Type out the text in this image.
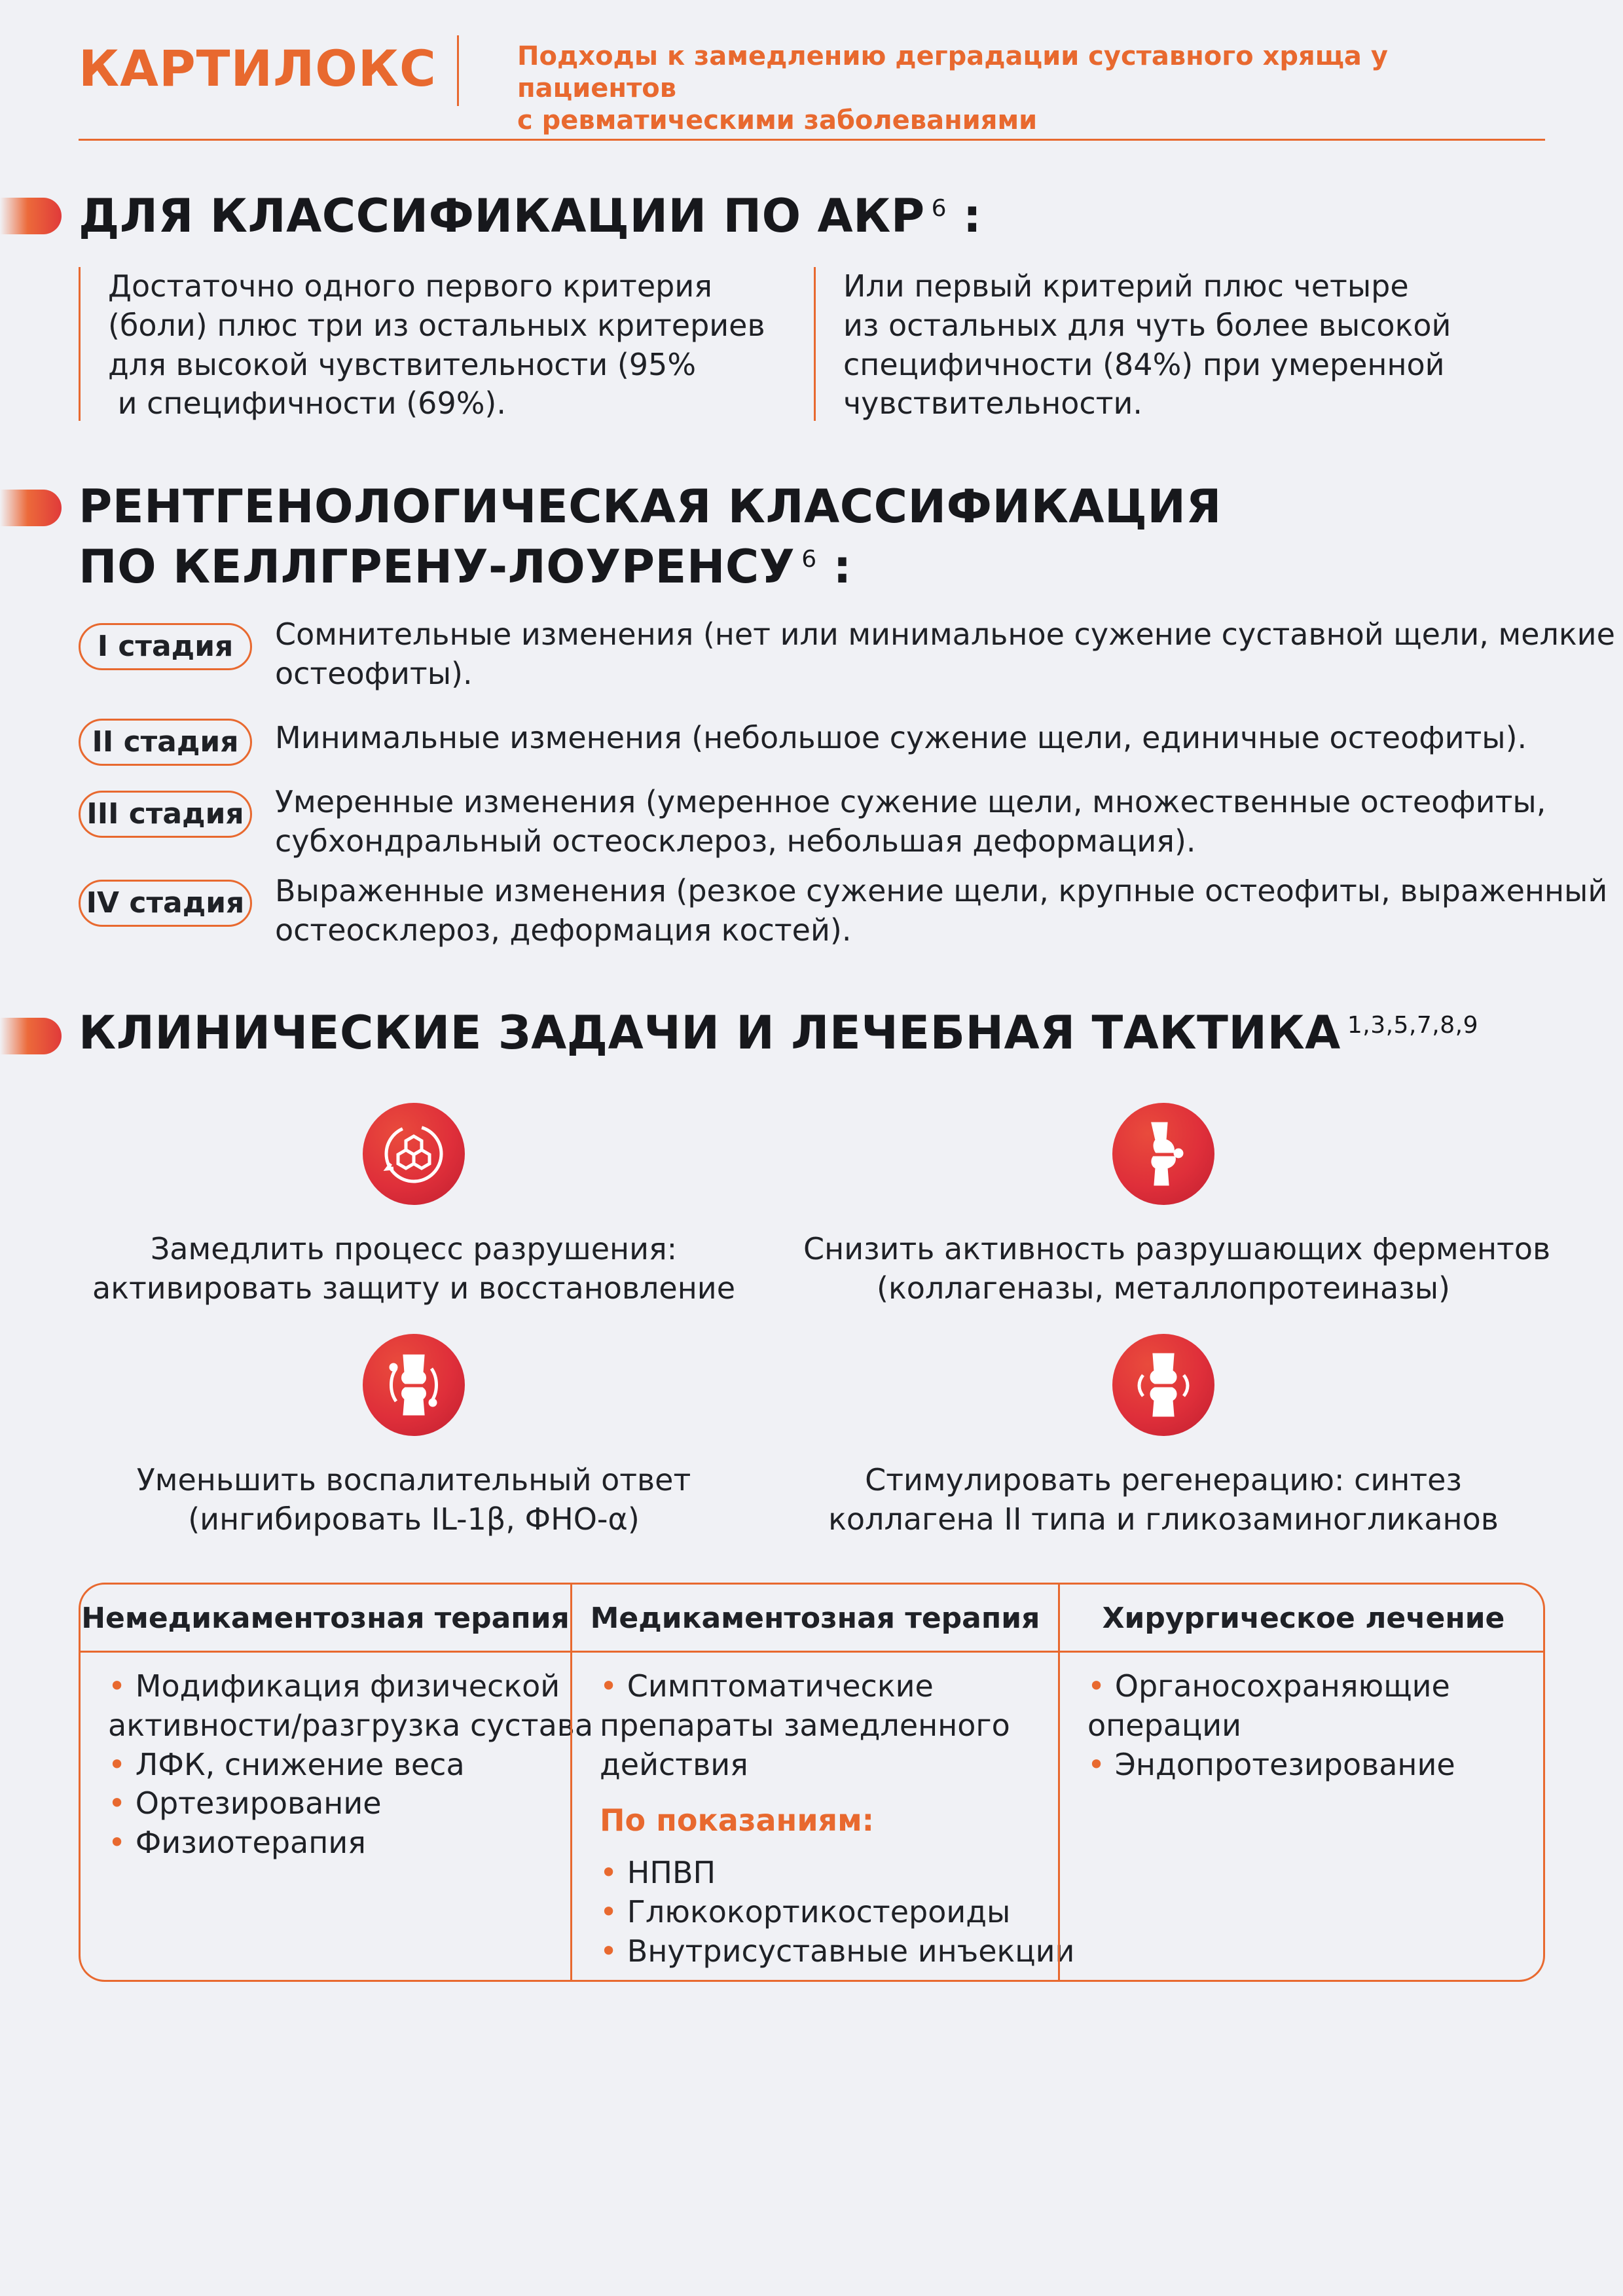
КАРТИЛОКС	Подходы к замедлению деградации суставного хряща у пациентов
с ревматическими заболеваниями
ДЛЯ КЛАССИФИКАЦИИ ПО АКР $^6$ :
Достаточно одного первого критерия
(боли) плюс три из остальных критериев
для высокой чувствительности (95%
и специфичности (69%).
Или первый критерий плюс четыре
из остальных для чуть более высокой
специфичности (84%) при умеренной
чувствительности.
РЕНТГЕНОЛОГИЧЕСКАЯ КЛАССИФИКАЦИЯ
ПО КЕЛЛГРЕНУ-ЛОУРЕНСУ $^6$ :
I стадия	Сомнительные изменения (нет или минимальное сужение суставной щели, мелкие
остеофиты).
II стадия	Минимальные изменения (небольшое сужение щели, единичные остеофиты).
III стадия Умеренные изменения (умеренное сужение щели, множественные остеофиты,
субхондральный остеосклероз, небольшая деформация).
IV стадия Выраженные изменения (резкое сужение щели, крупные остеофиты, выраженный
остеосклероз, деформация костей).
КЛИНИЧЕСКИЕ ЗАДАЧИ И ЛЕЧЕБНАЯ ТАКТИКА $^{1,3,5,7,8,9}$
Замедлить процесс разрушения:
активировать защиту и восстановление
Снизить активность разрушающих ферментов
(коллагеназы, металлопротеиназы)
Уменьшить воспалительный ответ
(ингибировать IL-1β, ФНО-α)
Стимулировать регенерацию: синтез
коллагена II типа и гликозаминогликанов
Немедикаментозная терапия
• Модификация физической
активности/разгрузка сустава
• ЛФК, снижение веса
• Ортезирование
• Физиотерапия
Медикаментозная терапия
• Симптоматические
препараты замедленного
действия
По показаниям:
• НПВП
• Глюкокортикостероиды
• Внутрисуставные инъекции
Хирургическое лечение
• Органосохраняющие
операции
• Эндопротезирование
